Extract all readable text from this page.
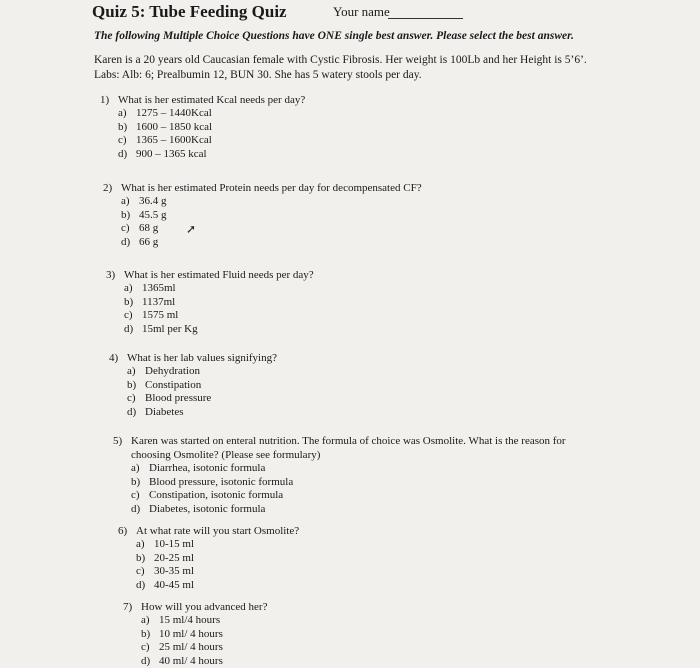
Quiz 5: Tube Feeding Quiz	Your name
The following Multiple Choice Questions have ONE single best answer. Please select the best answer.
Karen is a 20 years old Caucasian female with Cystic Fibrosis. Her weight is 100Lb and her Height is 5’6’. Labs: Alb: 6; Prealbumin 12, BUN 30. She has 5 watery stools per day.
1) What is her estimated Kcal needs per day?
a) 1275 – 1440Kcal
b) 1600 – 1850 kcal
c) 1365 – 1600Kcal
d) 900 – 1365 kcal
2) What is her estimated Protein needs per day for decompensated CF?
a) 36.4 g
b) 45.5 g
c) 68 g
d) 66 g
➚
3) What is her estimated Fluid needs per day?
a) 1365ml
b) 1137ml
c) 1575 ml
d) 15ml per Kg
4) What is her lab values signifying?
a) Dehydration
b) Constipation
c) Blood pressure
d) Diabetes
5) Karen was started on enteral nutrition. The formula of choice was Osmolite. What is the reason for choosing Osmolite? (Please see formulary)
a) Diarrhea, isotonic formula
b) Blood pressure, isotonic formula
c) Constipation, isotonic formula
d) Diabetes, isotonic formula
6) At what rate will you start Osmolite?
a) 10-15 ml
b) 20-25 ml
c) 30-35 ml
d) 40-45 ml
7) How will you advanced her?
a) 15 ml/4 hours
b) 10 ml/ 4 hours
c) 25 ml/ 4 hours
d) 40 ml/ 4 hours
